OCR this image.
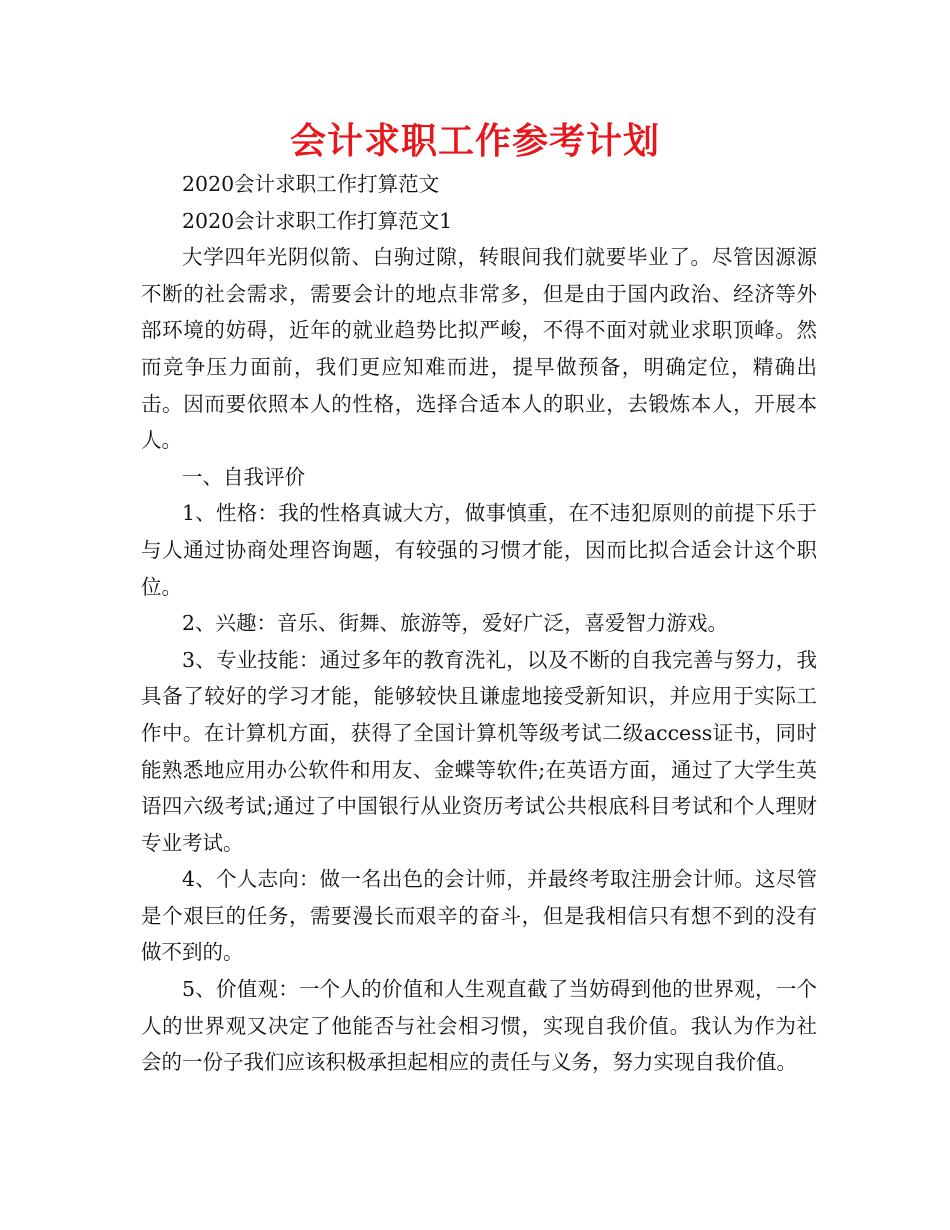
会计求职工作参考计划

2020会计求职工作打算范文

2020会计求职工作打算范文1

大学四年光阴似箭、白驹过隙，转眼间我们就要毕业了。尽管因源源不断的社会需求，需要会计的地点非常多，但是由于国内政治、经济等外部环境的妨碍，近年的就业趋势比拟严峻，不得不面对就业求职顶峰。然而竞争压力面前，我们更应知难而进，提早做预备，明确定位，精确出击。因而要依照本人的性格，选择合适本人的职业，去锻炼本人，开展本人。

一、自我评价

1、性格：我的性格真诚大方，做事慎重，在不违犯原则的前提下乐于与人通过协商处理咨询题，有较强的习惯才能，因而比拟合适会计这个职位。

2、兴趣：音乐、街舞、旅游等，爱好广泛，喜爱智力游戏。

3、专业技能：通过多年的教育洗礼，以及不断的自我完善与努力，我具备了较好的学习才能，能够较快且谦虚地接受新知识，并应用于实际工作中。在计算机方面，获得了全国计算机等级考试二级access证书，同时能熟悉地应用办公软件和用友、金蝶等软件;在英语方面，通过了大学生英语四六级考试;通过了中国银行从业资历考试公共根底科目考试和个人理财专业考试。

4、个人志向：做一名出色的会计师，并最终考取注册会计师。这尽管是个艰巨的任务，需要漫长而艰辛的奋斗，但是我相信只有想不到的没有做不到的。

5、价值观：一个人的价值和人生观直截了当妨碍到他的世界观，一个人的世界观又决定了他能否与社会相习惯，实现自我价值。我认为作为社会的一份子我们应该积极承担起相应的责任与义务，努力实现自我价值。
